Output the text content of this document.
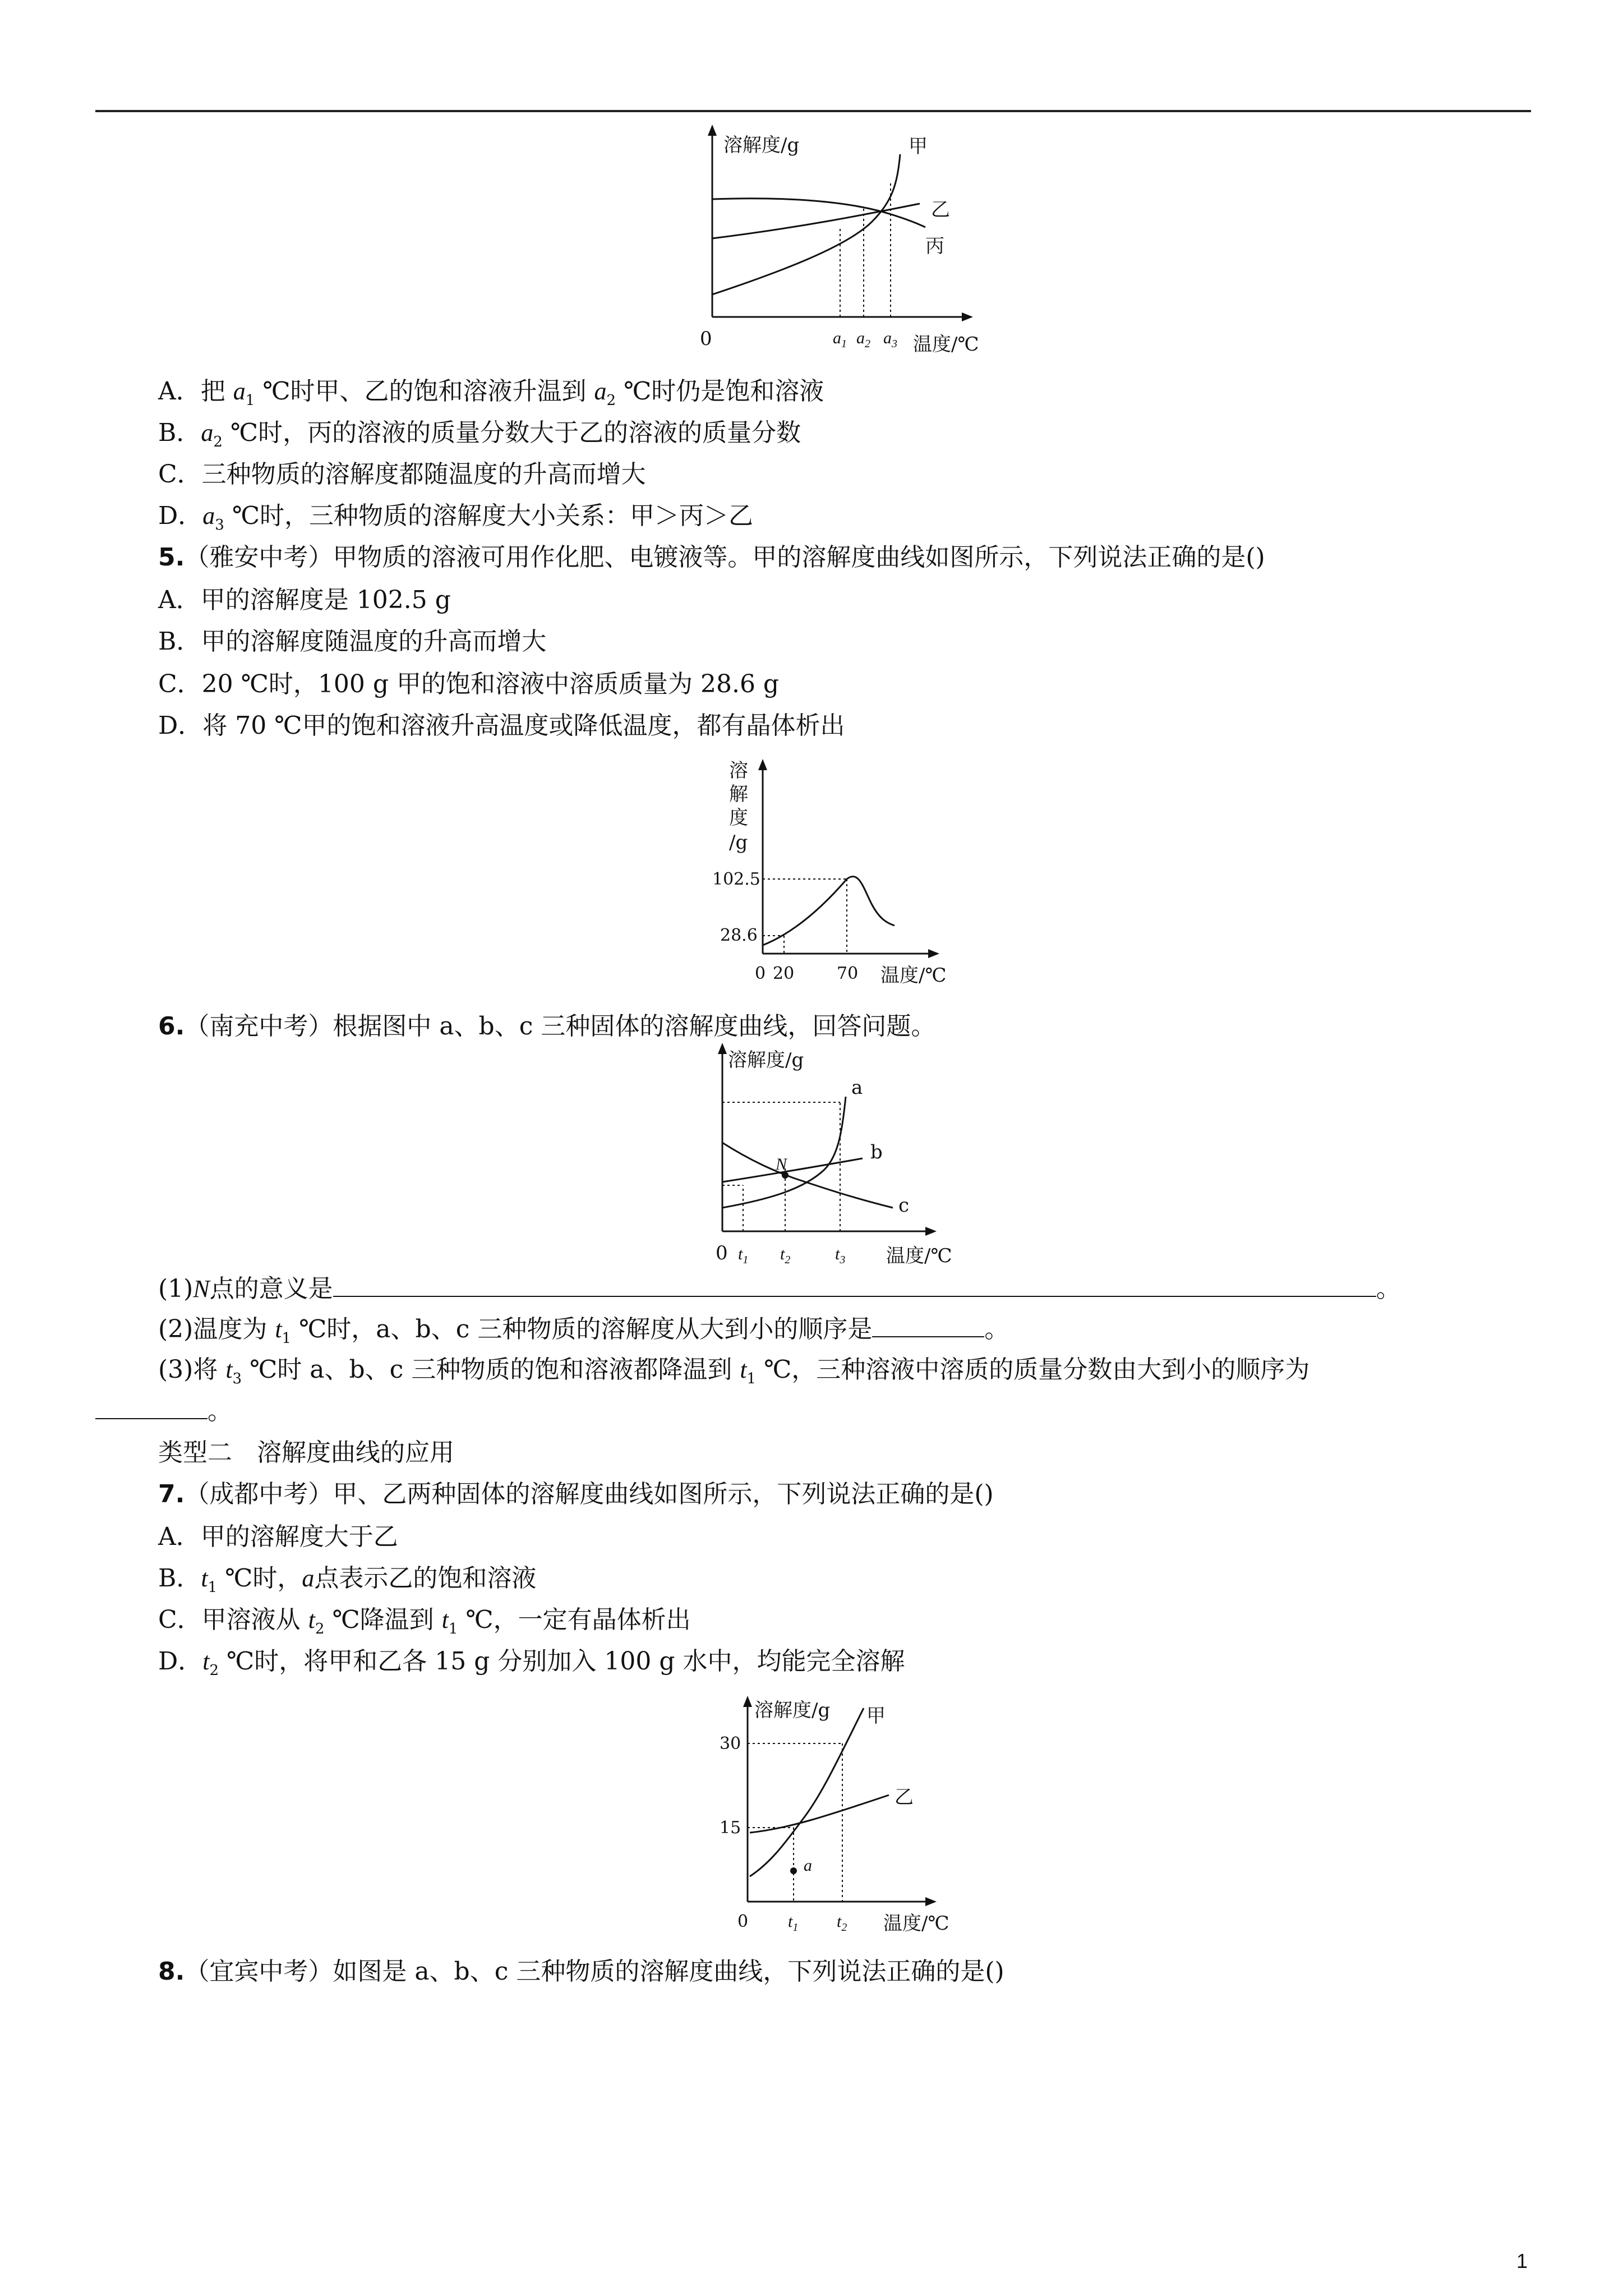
溶解度/g
0	温度/℃
甲
乙
丙
$a_1$ $a_2$ $a_3$
A．把 $a_1$ ℃时甲、乙的饱和溶液升温到 $a_2$ ℃时仍是饱和溶液
B．$a_2$ ℃时，丙的溶液的质量分数大于乙的溶液的质量分数
C．三种物质的溶解度都随温度的升高而增大
D．$a_3$ ℃时，三种物质的溶解度大小关系：甲＞丙＞乙
5.（雅安中考）甲物质的溶液可用作化肥、电镀液等。甲的溶解度曲线如图所示，下列说法正确的是()
A．甲的溶解度是 102.5 g
B．甲的溶解度随温度的升高而增大
C．20 ℃时，100 g 甲的饱和溶液中溶质质量为 28.6 g
D．将 70 ℃甲的饱和溶液升高温度或降低温度，都有晶体析出
溶
解
度
/g
102.5
28.6
0 20	70 温度/℃
6.（南充中考）根据图中 a、b、c 三种固体的溶解度曲线，回答问题。
溶解度/g
0	温度/℃
N
a
b
c
$t_1$ $t_2$	$t_3$
(1)N点的意义是	。
(2)温度为 $t_1$ ℃时，a、b、c 三种物质的溶解度从大到小的顺序是	。
(3)将 $t_3$ ℃时 a、b、c 三种物质的饱和溶液都降温到 $t_1$ ℃，三种溶液中溶质的质量分数由大到小的顺序为
。
类型二　溶解度曲线的应用
7.（成都中考）甲、乙两种固体的溶解度曲线如图所示，下列说法正确的是()
A．甲的溶解度大于乙
B．$t_1$ ℃时，a点表示乙的饱和溶液
C．甲溶液从 $t_2$ ℃降温到 $t_1$ ℃，一定有晶体析出
D．$t_2$ ℃时，将甲和乙各 15 g 分别加入 100 g 水中，均能完全溶解
溶解度/g 甲
乙
30
15
0	温度/℃
a
$t_1$ $t_2$
8.（宜宾中考）如图是 a、b、c 三种物质的溶解度曲线，下列说法正确的是()
1
